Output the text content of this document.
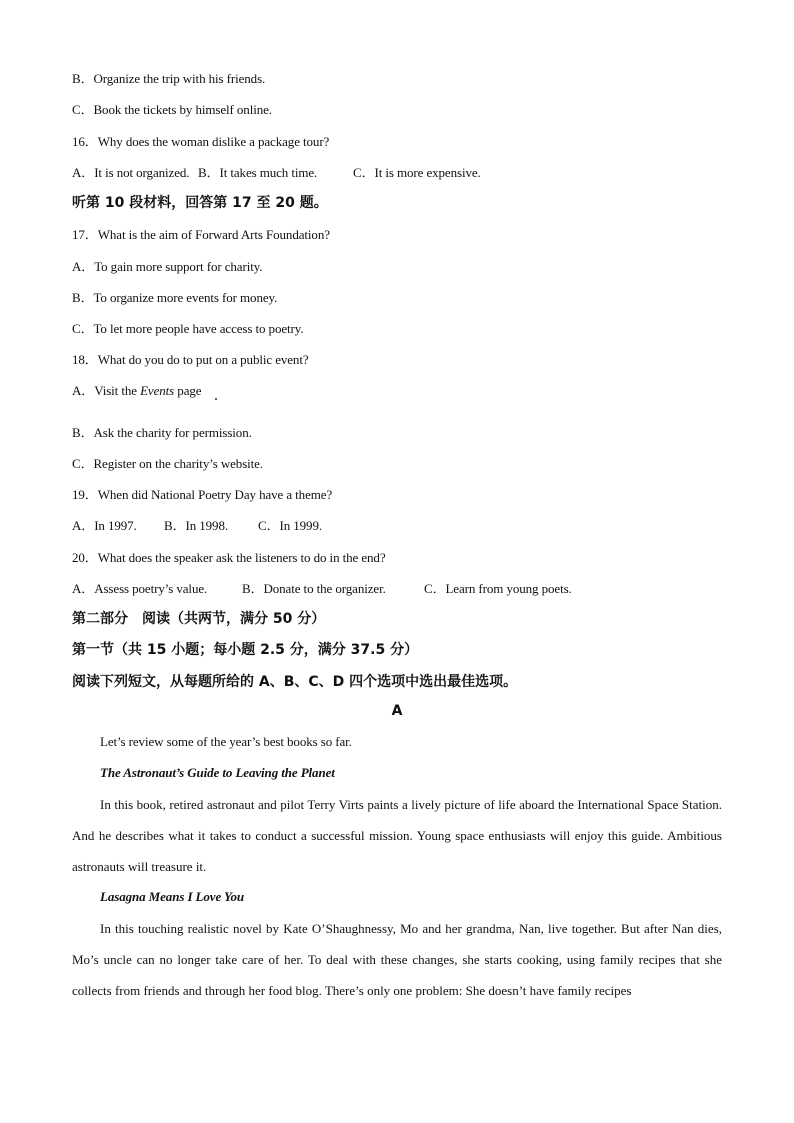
B．Organize the trip with his friends.
C．Book the tickets by himself online.
16．Why does the woman dislike a package tour?
A．It is not organized. B．It takes much time.	C．It is more expensive.
听第 10 段材料，回答第 17 至 20 题。
17．What is the aim of Forward Arts Foundation?
A．To gain more support for charity.
B．To organize more events for money.
C．To let more people have access to poetry.
18．What do you do to put on a public event?
A．Visit the Events page
B．Ask the charity for permission.
C．Register on the charity’s website.
19．When did National Poetry Day have a theme?
A．In 1997. B．In 1998. C．In 1999.
20．What does the speaker ask the listeners to do in the end?
A．Assess poetry’s value.	B．Donate to the organizer.	C．Learn from young poets.
第二部分　阅读（共两节，满分 50 分）
第一节（共 15 小题；每小题 2.5 分，满分 37.5 分）
阅读下列短文，从每题所给的 A、B、C、D 四个选项中选出最佳选项。
A
Let’s review some of the year’s best books so far.
The Astronaut’s Guide to Leaving the Planet
In this book, retired astronaut and pilot Terry Virts paints a lively picture of life aboard the International Space Station. And he describes what it takes to conduct a successful mission. Young space enthusiasts will enjoy this guide. Ambitious astronauts will treasure it.
Lasagna Means I Love You
In this touching realistic novel by Kate O’Shaughnessy, Mo and her grandma, Nan, live together. But after Nan dies, Mo’s uncle can no longer take care of her. To deal with these changes, she starts cooking, using family recipes that she collects from friends and through her food blog. There’s only one problem: She doesn’t have family recipes
